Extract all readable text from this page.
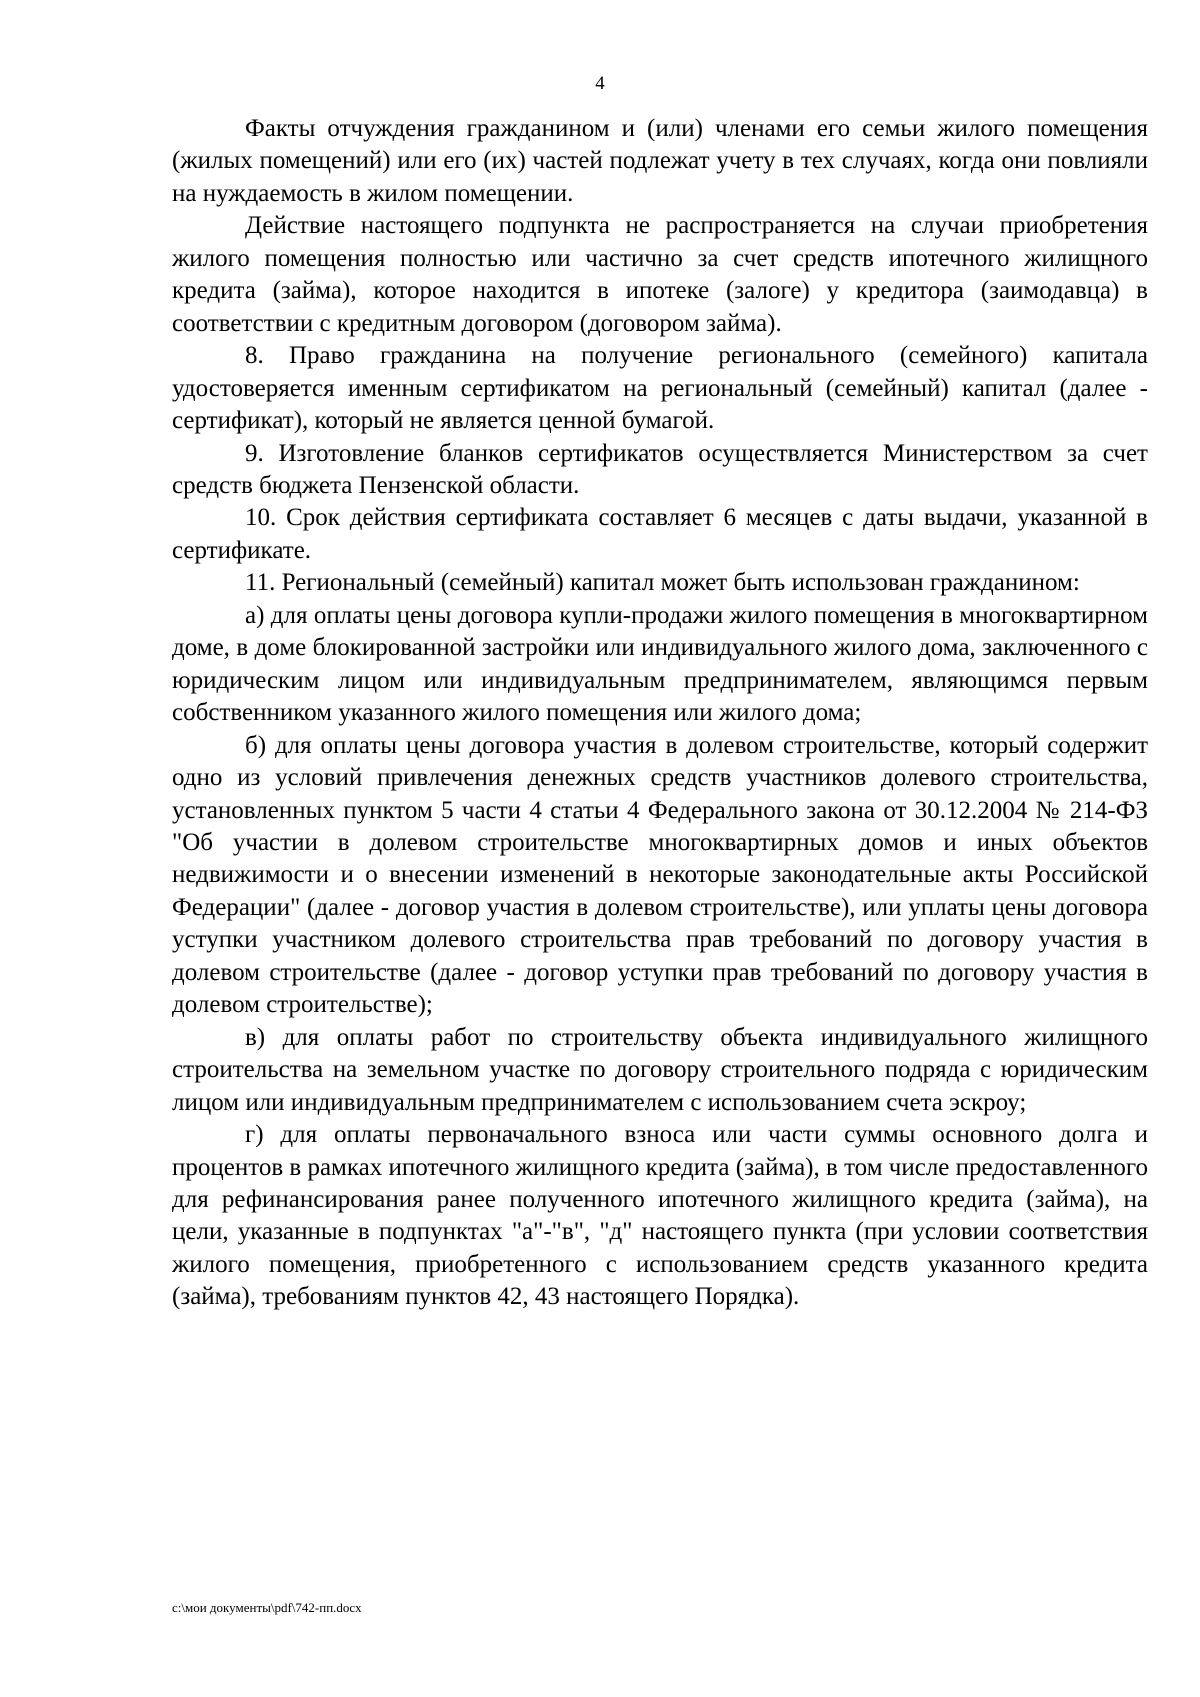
4

Факты отчуждения гражданином и (или) членами его семьи жилого помещения (жилых помещений) или его (их) частей подлежат учету в тех случаях, когда они повлияли на нуждаемость в жилом помещении.

Действие настоящего подпункта не распространяется на случаи приобретения жилого помещения полностью или частично за счет средств ипотечного жилищного кредита (займа), которое находится в ипотеке (залоге) у кредитора (заимодавца) в соответствии с кредитным договором (договором займа).

8. Право гражданина на получение регионального (семейного) капитала удостоверяется именным сертификатом на региональный (семейный) капитал (далее - сертификат), который не является ценной бумагой.

9. Изготовление бланков сертификатов осуществляется Министерством за счет средств бюджета Пензенской области.

10. Срок действия сертификата составляет 6 месяцев с даты выдачи, указанной в сертификате.

11. Региональный (семейный) капитал может быть использован гражданином:

а) для оплаты цены договора купли-продажи жилого помещения в многоквартирном доме, в доме блокированной застройки или индивидуального жилого дома, заключенного с юридическим лицом или индивидуальным предпринимателем, являющимся первым собственником указанного жилого помещения или жилого дома;

б) для оплаты цены договора участия в долевом строительстве, который содержит одно из условий привлечения денежных средств участников долевого строительства, установленных пунктом 5 части 4 статьи 4 Федерального закона от 30.12.2004 № 214-ФЗ "Об участии в долевом строительстве многоквартирных домов и иных объектов недвижимости и о внесении изменений в некоторые законодательные акты Российской Федерации" (далее - договор участия в долевом строительстве), или уплаты цены договора уступки участником долевого строительства прав требований по договору участия в долевом строительстве (далее - договор уступки прав требований по договору участия в долевом строительстве);

в) для оплаты работ по строительству объекта индивидуального жилищного строительства на земельном участке по договору строительного подряда с юридическим лицом или индивидуальным предпринимателем с использованием счета эскроу;

г) для оплаты первоначального взноса или части суммы основного долга и процентов в рамках ипотечного жилищного кредита (займа), в том числе предоставленного для рефинансирования ранее полученного ипотечного жилищного кредита (займа), на цели, указанные в подпунктах "а"-"в", "д" настоящего пункта (при условии соответствия жилого помещения, приобретенного с использованием средств указанного кредита (займа), требованиям пунктов 42, 43 настоящего Порядка).

c:\мои документы\pdf\742-пп.docx
